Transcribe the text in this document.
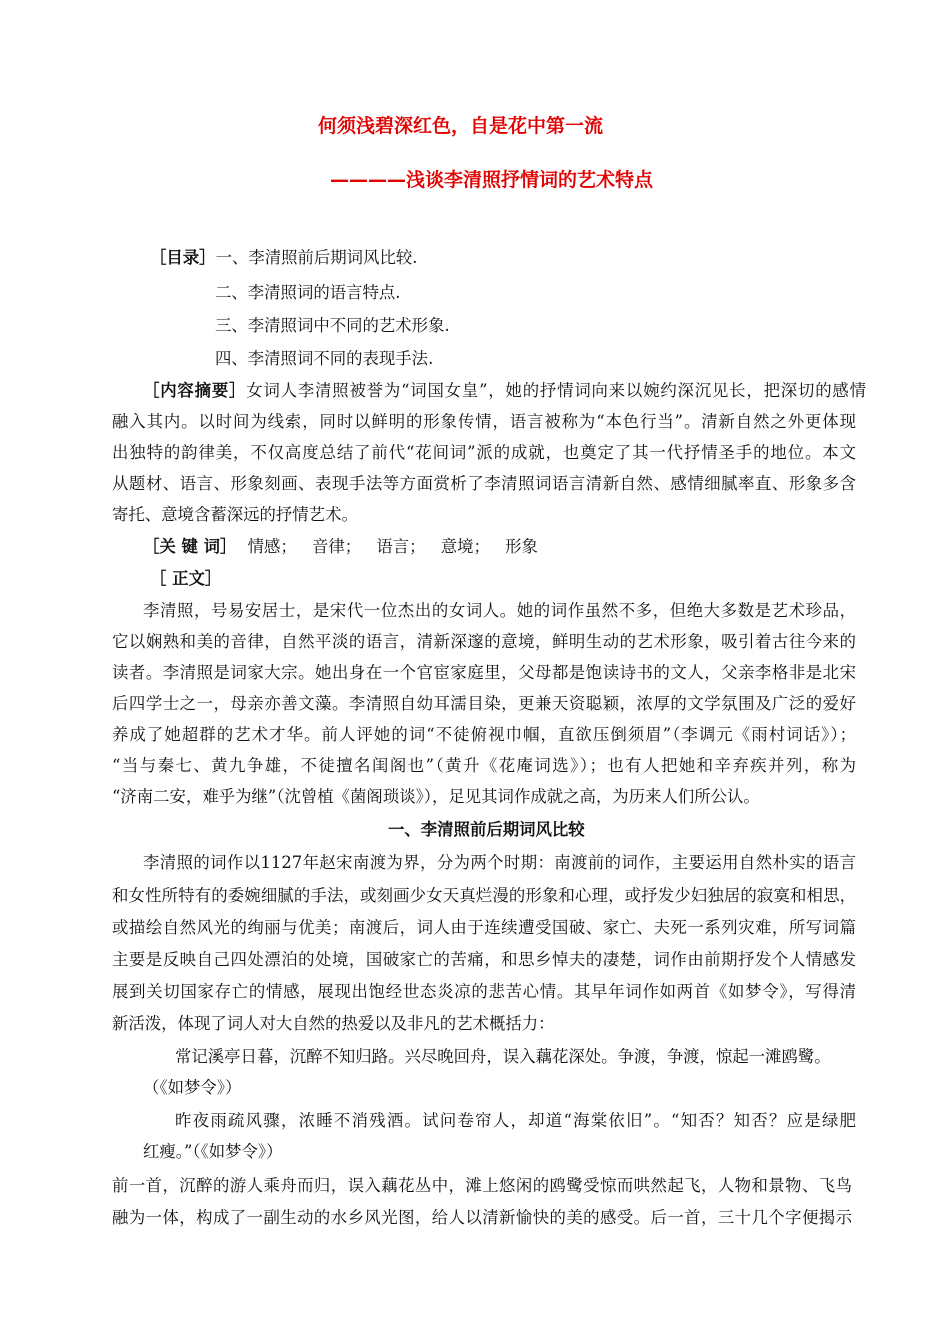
何须浅碧深红色，自是花中第一流
————浅谈李清照抒情词的艺术特点
［目录］一、李清照前后期词风比较.
二、李清照词的语言特点.
三、李清照词中不同的艺术形象.
四、李清照词不同的表现手法.
［内容摘要］女词人李清照被誉为“词国女皇”，她的抒情词向来以婉约深沉见长，把深切的感情
融入其内。以时间为线索，同时以鲜明的形象传情，语言被称为“本色行当”。清新自然之外更体现
出独特的韵律美，不仅高度总结了前代“花间词”派的成就，也奠定了其一代抒情圣手的地位。本文
从题材、语言、形象刻画、表现手法等方面赏析了李清照词语言清新自然、感情细腻率直、形象多含
寄托、意境含蓄深远的抒情艺术。
［关 键 词］ 情感； 音律； 语言； 意境； 形象
［ 正文］
李清照，号易安居士，是宋代一位杰出的女词人。她的词作虽然不多，但绝大多数是艺术珍品，
它以娴熟和美的音律，自然平淡的语言，清新深邃的意境，鲜明生动的艺术形象，吸引着古往今来的
读者。李清照是词家大宗。她出身在一个官宦家庭里，父母都是饱读诗书的文人，父亲李格非是北宋
后四学士之一，母亲亦善文藻。李清照自幼耳濡目染，更兼天资聪颖，浓厚的文学氛围及广泛的爱好
养成了她超群的艺术才华。前人评她的词“不徒俯视巾帼，直欲压倒须眉”（李调元《雨村词话》）；
“当与秦七、黄九争雄，不徒擅名闺阁也”（黄升《花庵词选》）；也有人把她和辛弃疾并列，称为
“济南二安，难乎为继”（沈曾植《菌阁琐谈》），足见其词作成就之高，为历来人们所公认。
一、李清照前后期词风比较
李清照的词作以1127年赵宋南渡为界，分为两个时期：南渡前的词作，主要运用自然朴实的语言
和女性所特有的委婉细腻的手法，或刻画少女天真烂漫的形象和心理，或抒发少妇独居的寂寞和相思，
或描绘自然风光的绚丽与优美；南渡后，词人由于连续遭受国破、家亡、夫死一系列灾难，所写词篇
主要是反映自己四处漂泊的处境，国破家亡的苦痛，和思乡悼夫的凄楚，词作由前期抒发个人情感发
展到关切国家存亡的情感，展现出饱经世态炎凉的悲苦心情。其早年词作如两首《如梦令》，写得清
新活泼，体现了词人对大自然的热爱以及非凡的艺术概括力：
常记溪亭日暮，沉醉不知归路。兴尽晚回舟，误入藕花深处。争渡，争渡，惊起一滩鸥鹭。
（《如梦令》）
昨夜雨疏风骤，浓睡不消残酒。试问卷帘人，却道“海棠依旧”。“知否？知否？应是绿肥
红瘦。”（《如梦令》）
前一首，沉醉的游人乘舟而归，误入藕花丛中，滩上悠闲的鸥鹭受惊而哄然起飞，人物和景物、飞鸟
融为一体，构成了一副生动的水乡风光图，给人以清新愉快的美的感受。后一首，三十几个字便揭示
